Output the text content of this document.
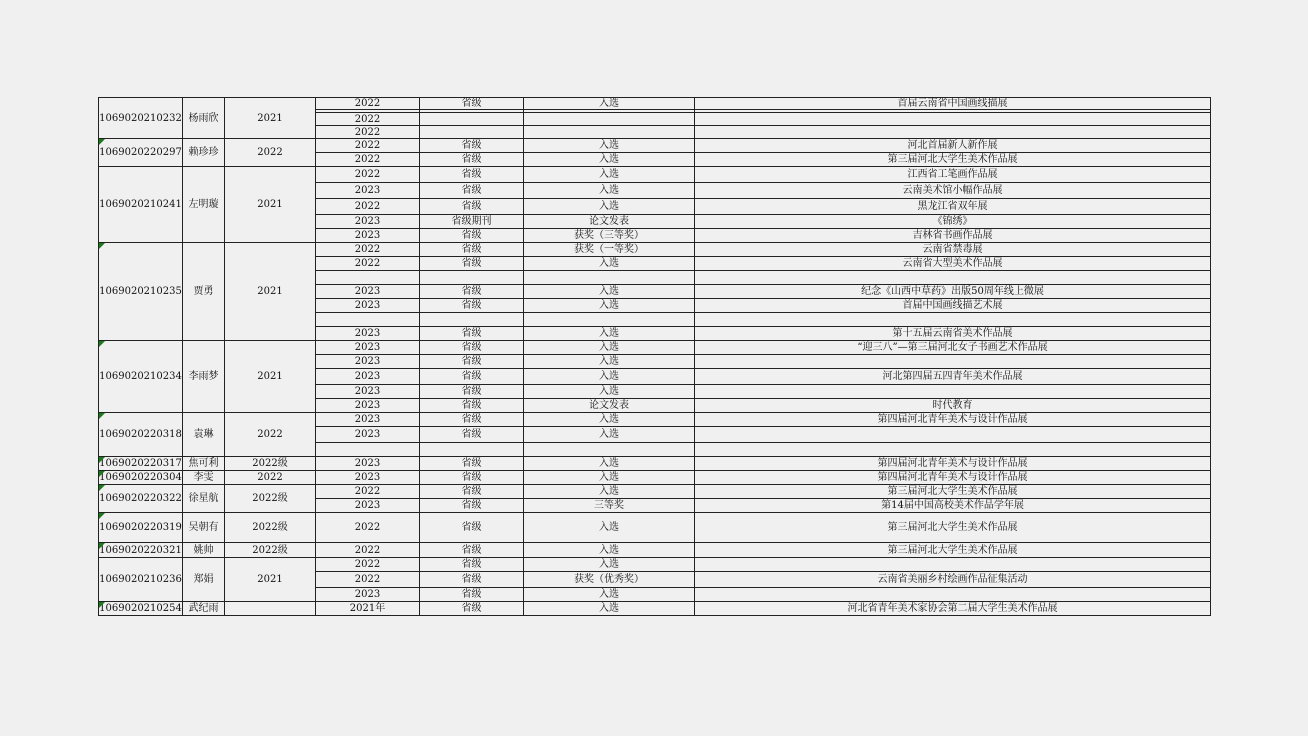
1069020210232	杨雨欣	2021	2022	省级	入选	首届云南省中国画线描展

			2022			
			2022			
1069020220297	赖珍珍	2022	2022	省级	入选	河北首届新人新作展
			2022	省级	入选	第三届河北大学生美术作品展
1069020210241	左明璇	2021	2022	省级	入选	江西省工笔画作品展
			2023	省级	入选	云南美术馆小幅作品展
			2022	省级	入选	黑龙江省双年展
			2023	省级期刊	论文发表	《锦绣》
			2023	省级	获奖（三等奖）	吉林省书画作品展
1069020210235	贾勇	2021	2022	省级	获奖（一等奖）	云南省禁毒展
			2022	省级	入选	云南省大型美术作品展

			2023	省级	入选	纪念《山西中草药》出版50周年线上微展
			2023	省级	入选	首届中国画线描艺术展

			2023	省级	入选	第十五届云南省美术作品展
1069020210234	李雨梦	2021	2023	省级	入选	“迎三八”—第三届河北女子书画艺术作品展
			2023	省级	入选	
			2023	省级	入选	河北第四届五四青年美术作品展
			2023	省级	入选	
			2023	省级	论文发表	时代教育
1069020220318	袁琳	2022	2023	省级	入选	第四届河北青年美术与设计作品展
			2023	省级	入选	

1069020220317	焦可利	2022级	2023	省级	入选	第四届河北青年美术与设计作品展
1069020220304	李雯	2022	2023	省级	入选	第四届河北青年美术与设计作品展
1069020220322	徐星航	2022级	2022	省级	入选	第三届河北大学生美术作品展
			2023	省级	三等奖	第14届中国高校美术作品学年展
1069020220319	吴朝有	2022级	2022	省级	入选	第三届河北大学生美术作品展
1069020220321	姚帅	2022级	2022	省级	入选	第三届河北大学生美术作品展
1069020210236	郑娟	2021	2022	省级	入选	
			2022	省级	获奖（优秀奖）	云南省美丽乡村绘画作品征集活动
			2023	省级	入选	
1069020210254	武纪雨		2021年	省级	入选	河北省青年美术家协会第二届大学生美术作品展
